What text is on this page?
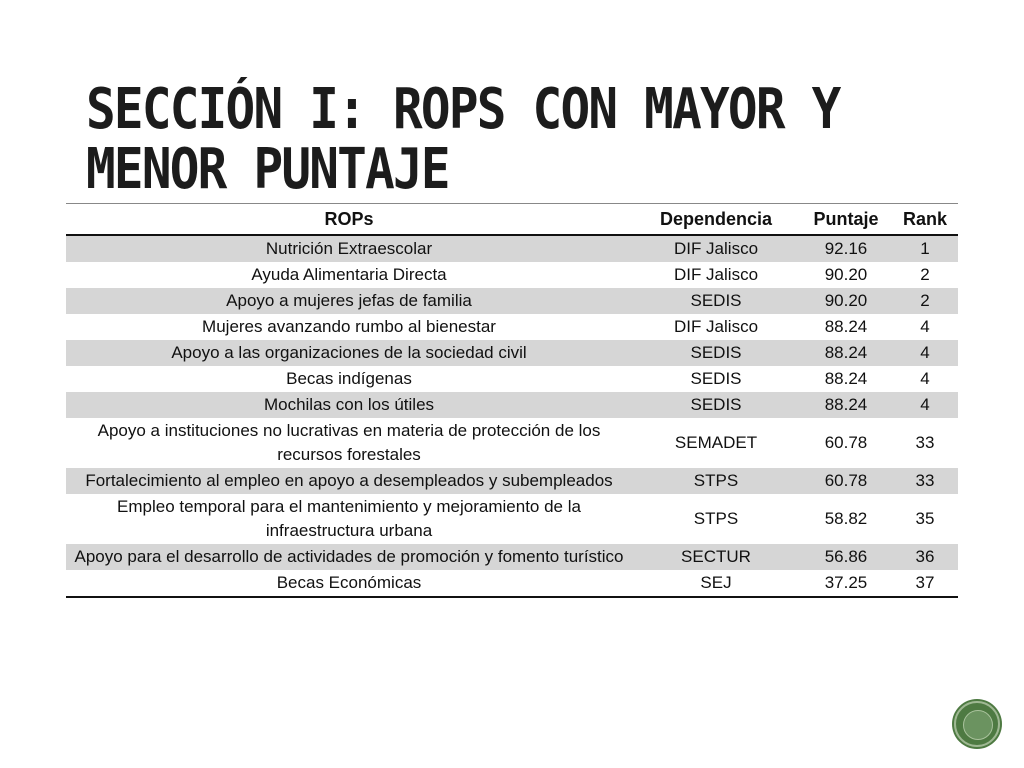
SECCIÓN I: ROPS CON MAYOR Y MENOR PUNTAJE
ROPs	Dependencia	Puntaje	Rank
Nutrición Extraescolar	DIF Jalisco	92.16	1
Ayuda Alimentaria Directa	DIF Jalisco	90.20	2
Apoyo a mujeres jefas de familia	SEDIS	90.20	2
Mujeres avanzando rumbo al bienestar	DIF Jalisco	88.24	4
Apoyo a las organizaciones de la sociedad civil	SEDIS	88.24	4
Becas indígenas	SEDIS	88.24	4
Mochilas con los útiles	SEDIS	88.24	4
Apoyo a instituciones no lucrativas en materia de protección de los recursos forestales	SEMADET	60.78	33
Fortalecimiento al empleo en apoyo a desempleados y subempleados	STPS	60.78	33
Empleo temporal para el mantenimiento y mejoramiento de la infraestructura urbana	STPS	58.82	35
Apoyo para el desarrollo de actividades de promoción y fomento turístico	SECTUR	56.86	36
Becas Económicas	SEJ	37.25	37
